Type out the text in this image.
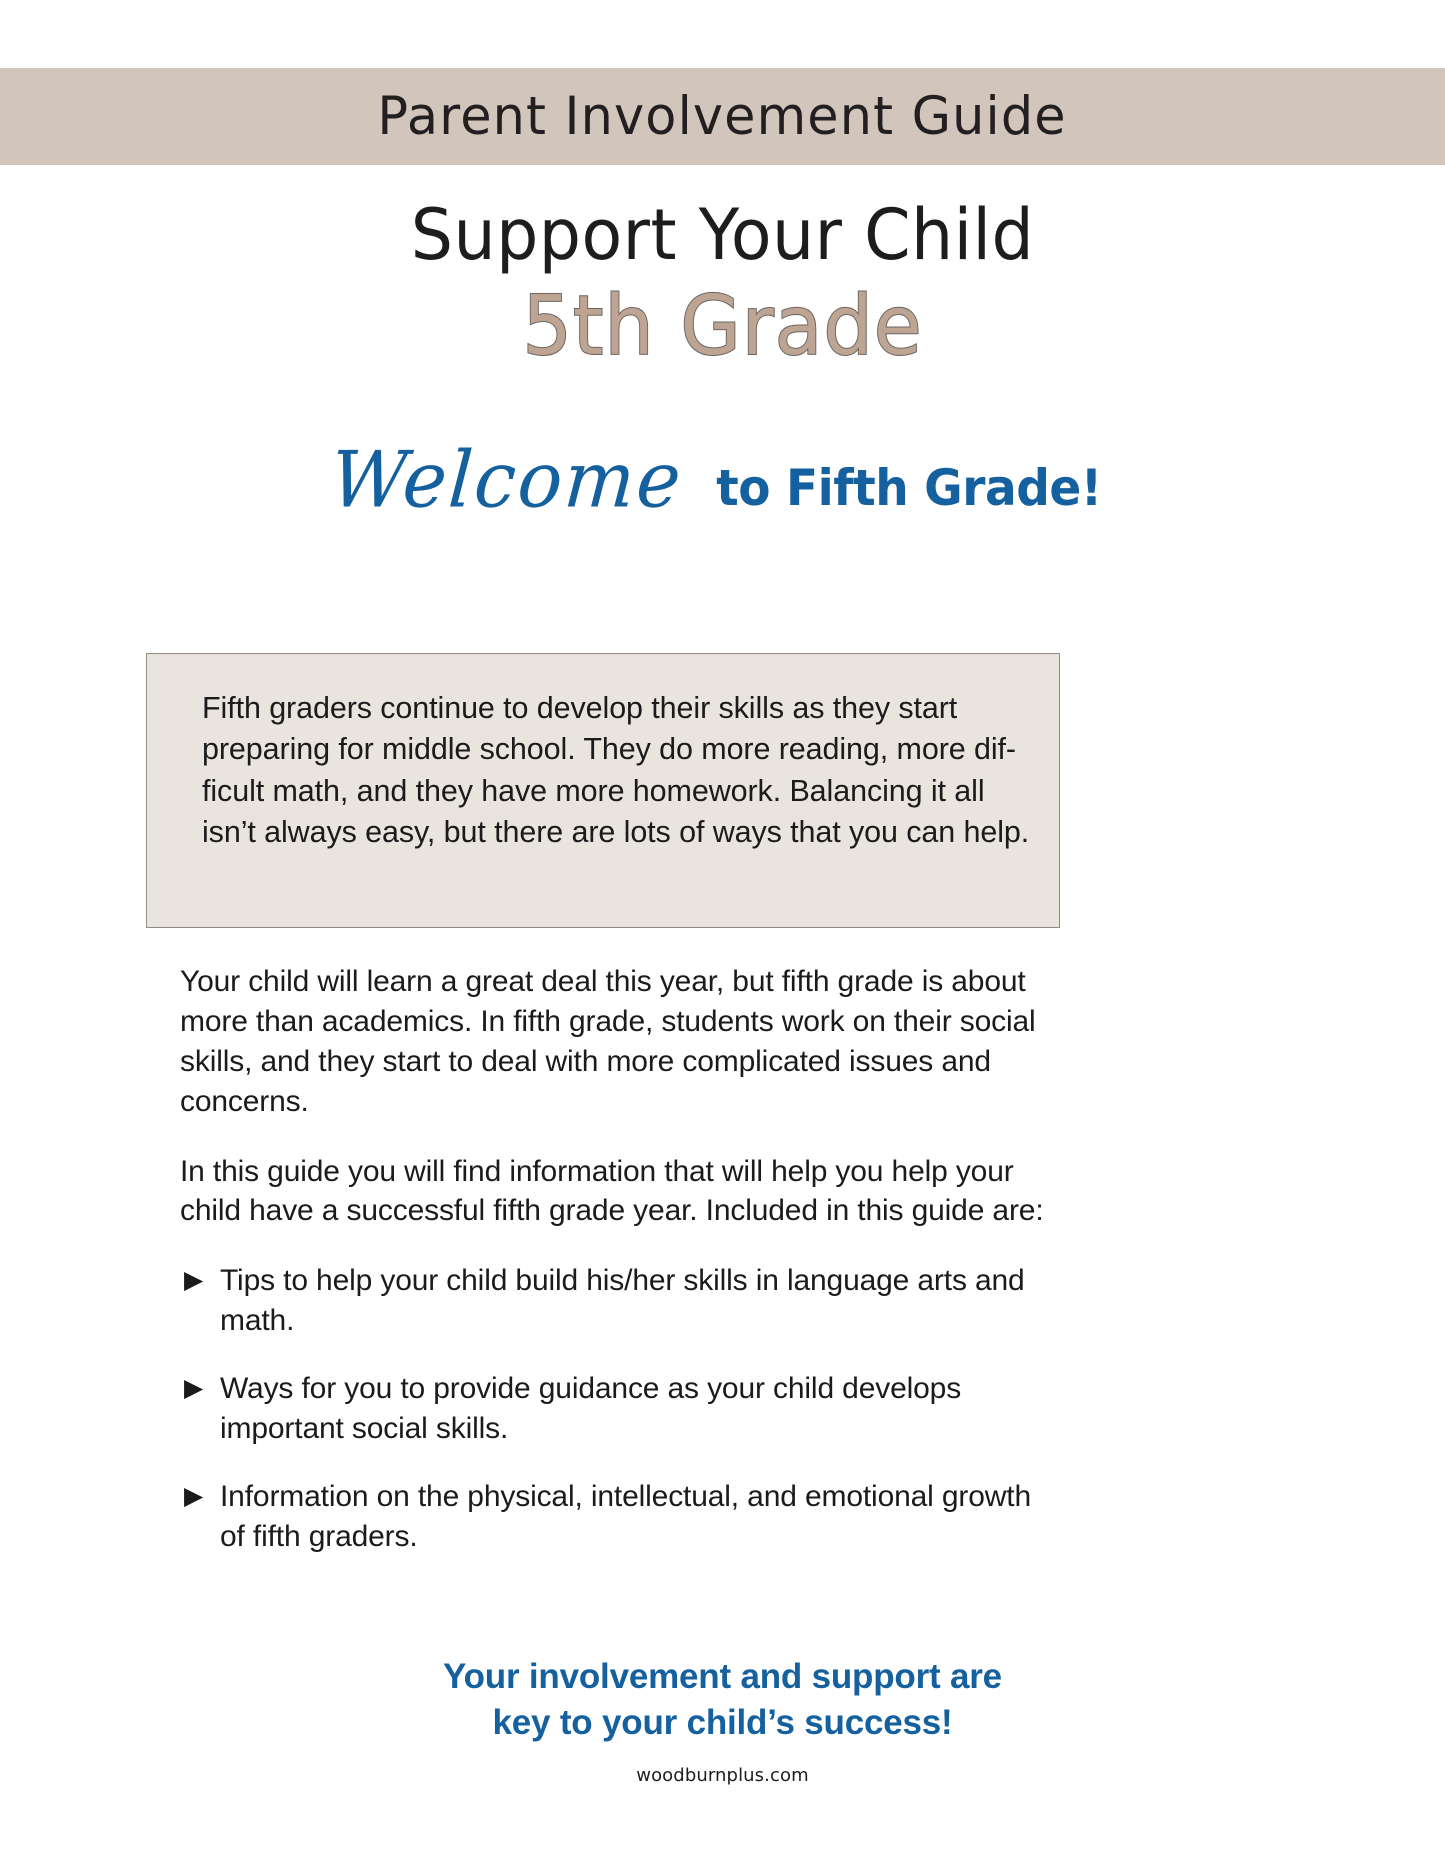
Parent Involvement Guide
Support Your Child
5th Grade
Welcome to Fifth Grade!
Fifth graders continue to develop their skills as they start preparing for middle school. They do more reading, more dif-ficult math, and they have more homework. Balancing it all isn’t always easy, but there are lots of ways that you can help.

Your child will learn a great deal this year, but fifth grade is about more than academics. In fifth grade, students work on their social skills, and they start to deal with more complicated issues and concerns.

In this guide you will find information that will help you help your child have a successful fifth grade year. Included in this guide are:

▶ Tips to help your child build his/her skills in language arts and math.
▶ Ways for you to provide guidance as your child develops important social skills.
▶ Information on the physical, intellectual, and emotional growth of fifth graders.
Your involvement and support are
key to your child’s success!
woodburnplus.com
